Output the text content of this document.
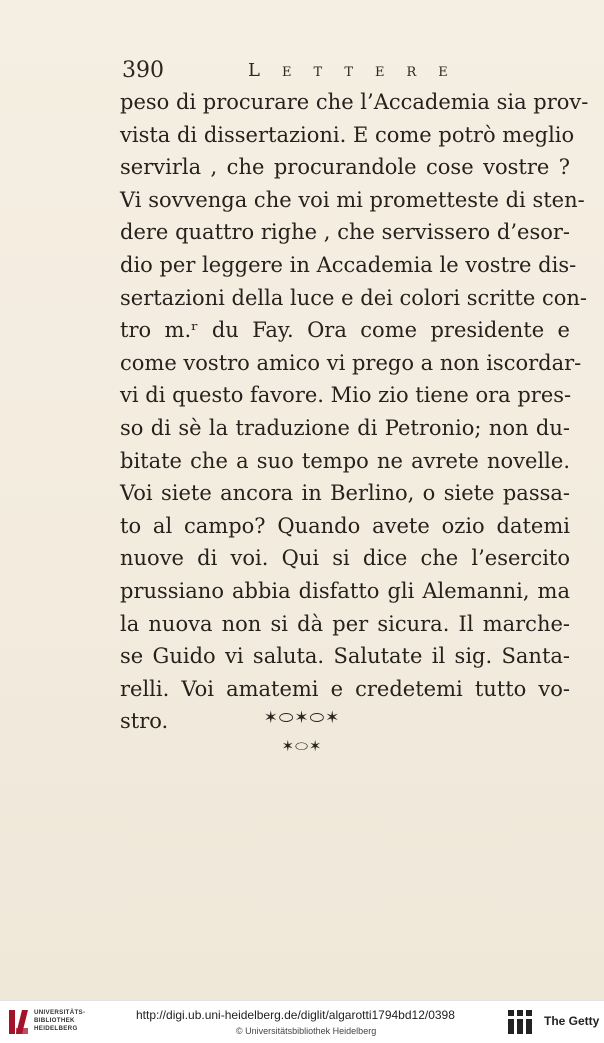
390	Lettere
peso di procurare che l’Accademia sia prov-
vista di dissertazioni. E come potrò meglio
servirla , che procurandole cose vostre ?
Vi sovvenga che voi mi prometteste di sten-
dere quattro righe , che servissero d’esor-
dio per leggere in Accademia le vostre dis-
sertazioni della luce e dei colori scritte con-
tro m.ʳ du Fay. Ora come presidente e
come vostro amico vi prego a non iscordar-
vi di questo favore. Mio zio tiene ora pres-
so di sè la traduzione di Petronio; non du-
bitate che a suo tempo ne avrete novelle.
Voi siete ancora in Berlino, o siete passa-
to al campo? Quando avete ozio datemi
nuove di voi. Qui si dice che l’esercito
prussiano abbia disfatto gli Alemanni, ma
la nuova non si dà per sicura. Il marche-
se Guido vi saluta. Salutate il sig. Santa-
relli. Voi amatemi e credetemi tutto vo-
stro.	✶⬭✶⬭✶
✶⬭✶
UNIVERSITÄTS-
BIBLIOTHEK
HEIDELBERG
http://digi.ub.uni-heidelberg.de/diglit/algarotti1794bd12/0398
© Universitätsbibliothek Heidelberg
The Getty
